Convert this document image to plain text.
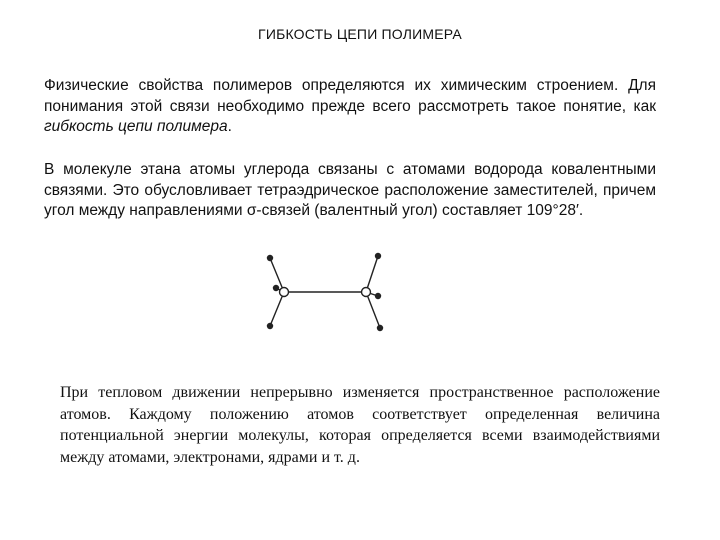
ГИБКОСТЬ ЦЕПИ ПОЛИМЕРА
Физические свойства полимеров определяются их химическим строением. Для понимания этой связи необходимо прежде всего рассмотреть такое понятие, как гибкость цепи полимера.
В молекуле этана атомы углерода связаны с атомами водорода ковалентными связями. Это обусловливает тетраэдрическое расположение заместителей, причем угол между направлениями σ-связей (валентный угол) составляет 109°28′.
При тепловом движении непрерывно изменяется пространственное расположение атомов. Каждому положению атомов соответствует определенная величина потенциальной энергии молекулы, которая определяется всеми взаимодействиями между атомами, электронами, ядрами и т. д.
